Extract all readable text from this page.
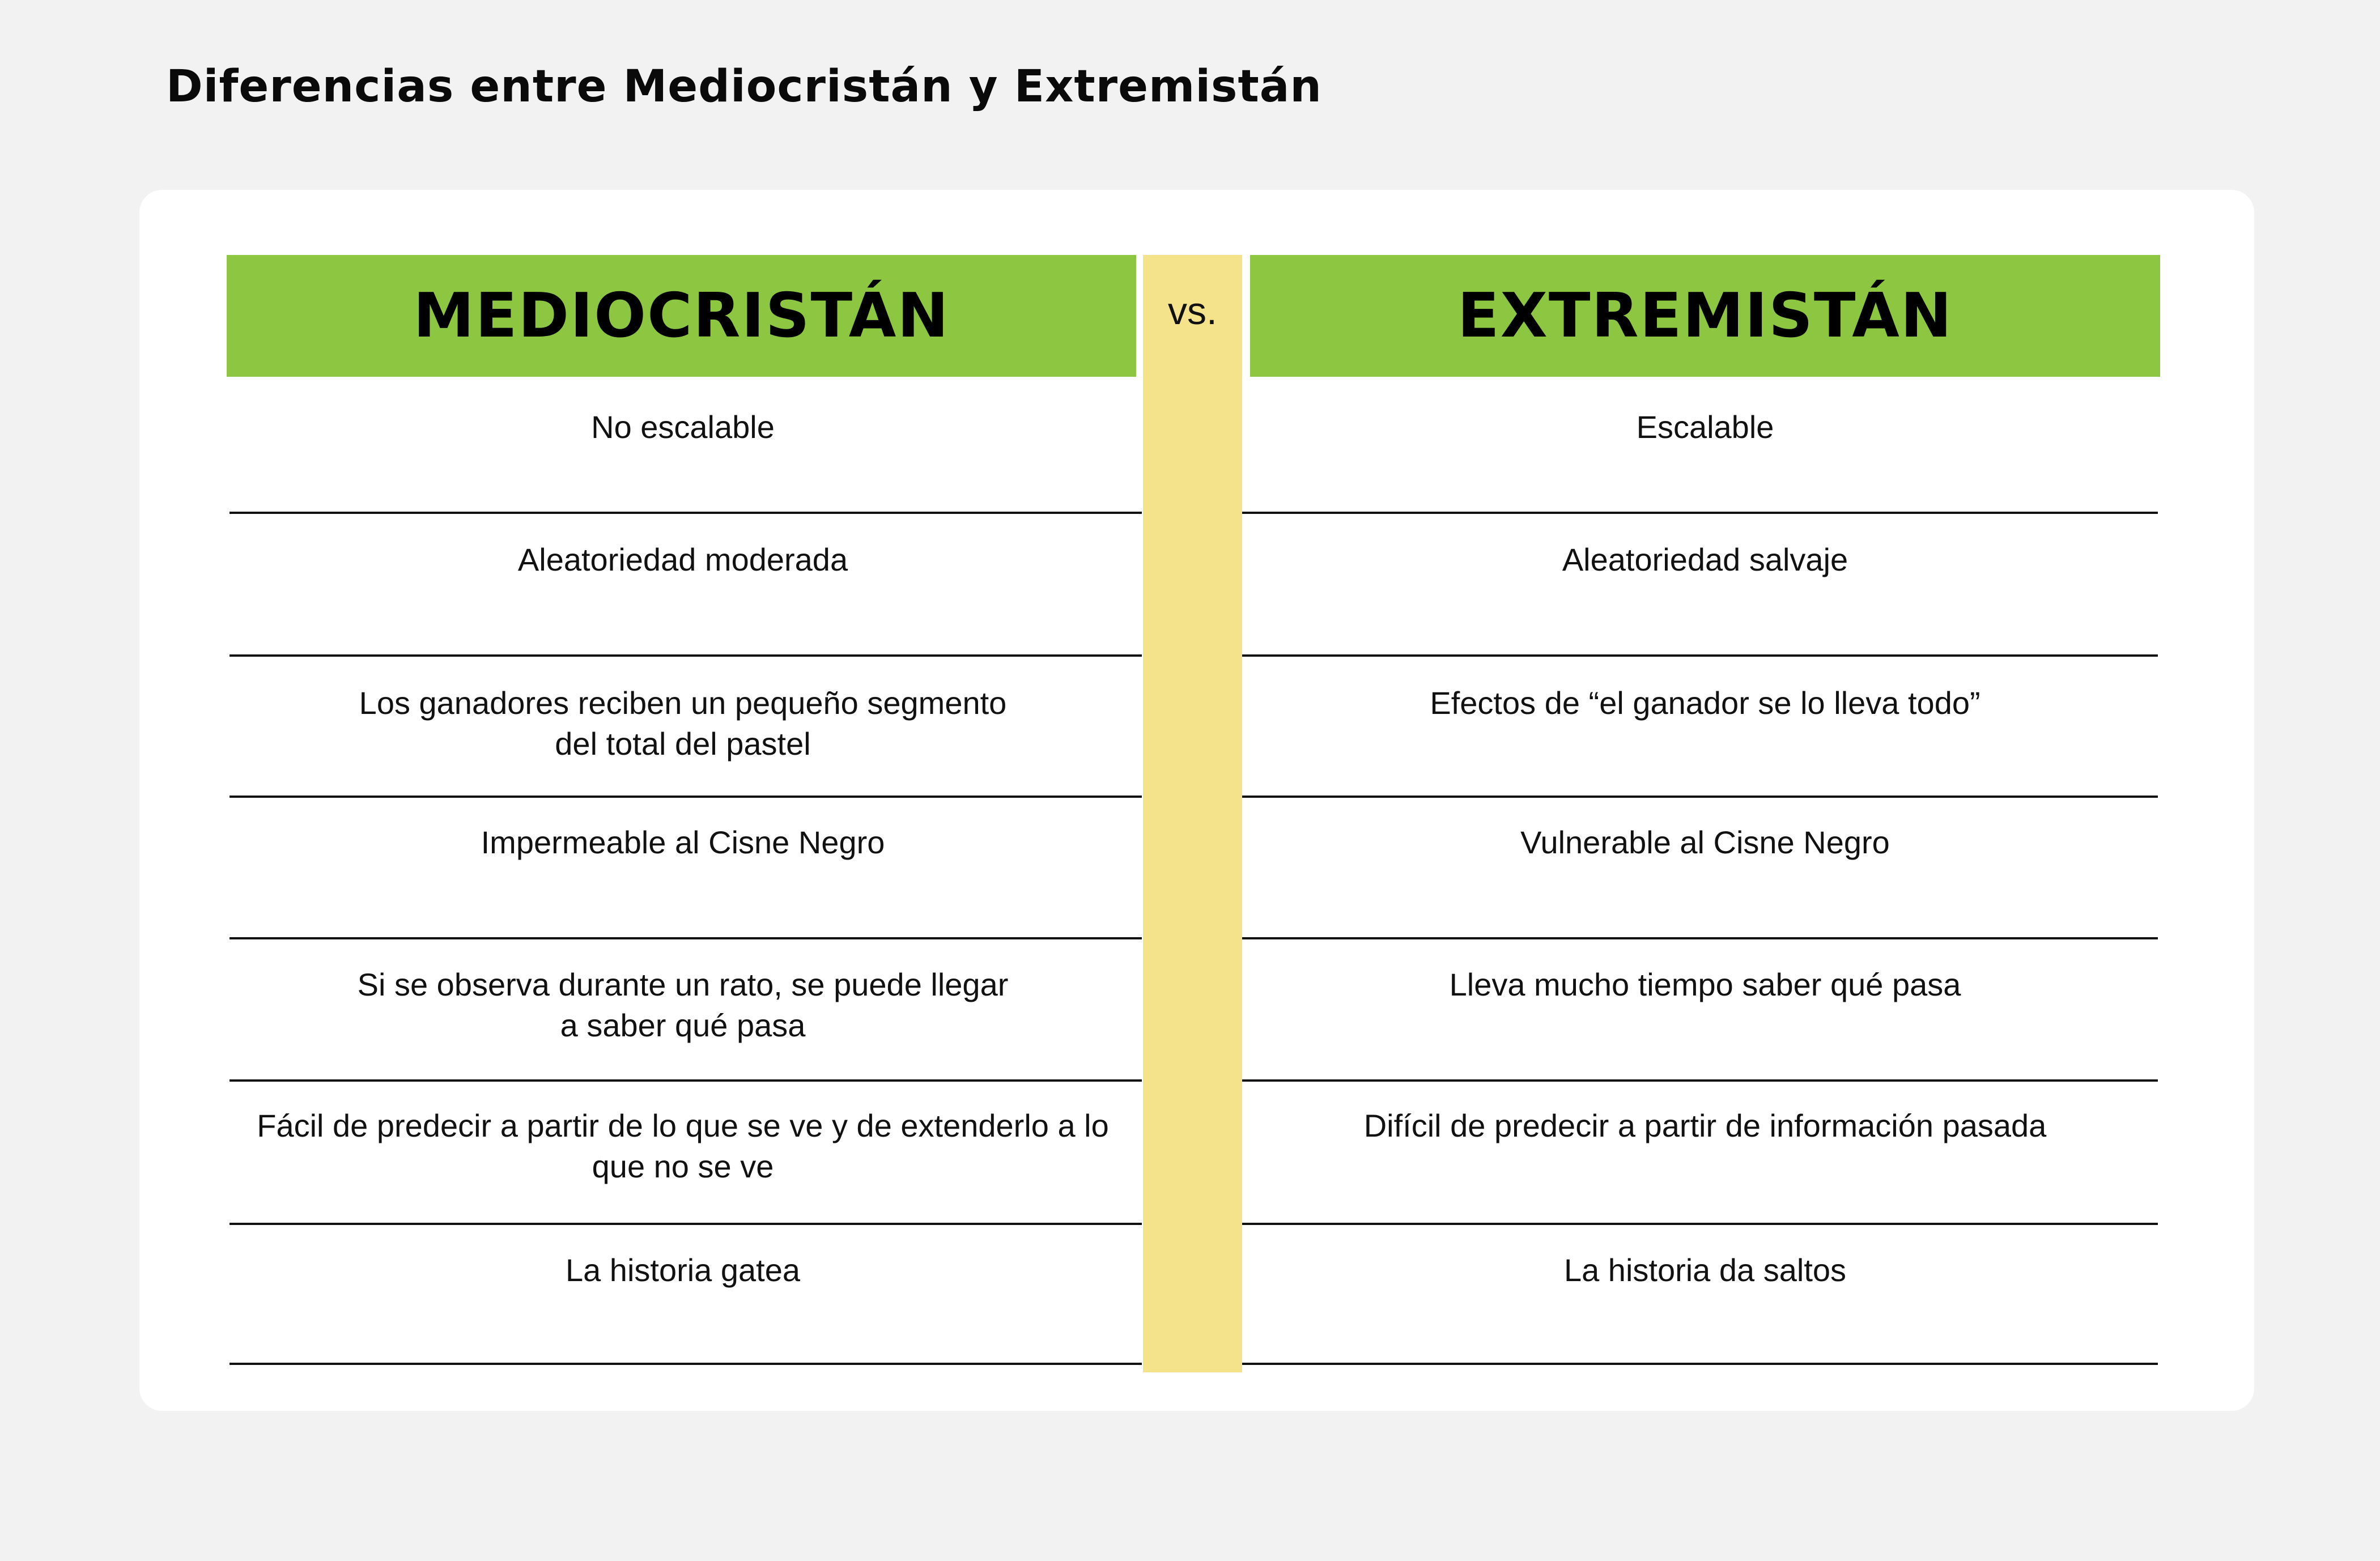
Diferencias entre Mediocristán y Extremistán
vs.
MEDIOCRISTÁN	EXTREMISTÁN
No escalable
Aleatoriedad moderada
Los ganadores reciben un pequeño segmento
del total del pastel
Impermeable al Cisne Negro
Si se observa durante un rato, se puede llegar
a saber qué pasa
Fácil de predecir a partir de lo que se ve y de extenderlo a lo
que no se ve
La historia gatea
Escalable
Aleatoriedad salvaje
Efectos de “el ganador se lo lleva todo”
Vulnerable al Cisne Negro
Lleva mucho tiempo saber qué pasa
Difícil de predecir a partir de información pasada
La historia da saltos
